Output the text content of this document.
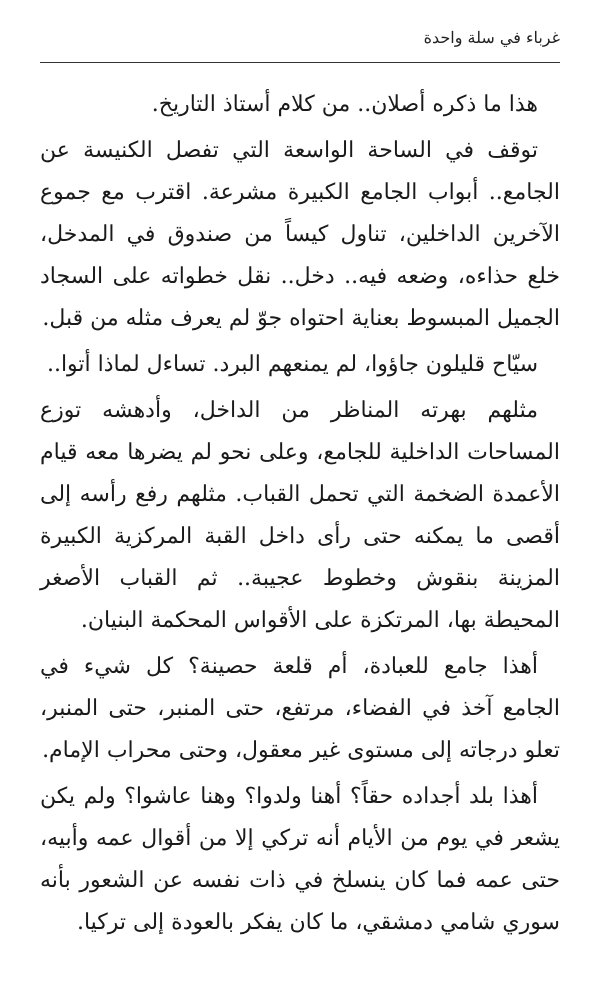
غرباء في سلة واحدة

هذا ما ذكره أصلان.. من كلام أستاذ التاريخ.

توقف في الساحة الواسعة التي تفصل الكنيسة عن الجامع.. أبواب الجامع الكبيرة مشرعة. اقترب مع جموع الآخرين الداخلين، تناول كيساً من صندوق في المدخل، خلع حذاءه، وضعه فيه.. دخل.. نقل خطواته على السجاد الجميل المبسوط بعناية احتواه جوّ لم يعرف مثله من قبل.

سيّاح قليلون جاؤوا، لم يمنعهم البرد. تساءل لماذا أتوا..

مثلهم بهرته المناظر من الداخل، وأدهشه توزع المساحات الداخلية للجامع، وعلى نحو لم يضرها معه قيام الأعمدة الضخمة التي تحمل القباب. مثلهم رفع رأسه إلى أقصى ما يمكنه حتى رأى داخل القبة المركزية الكبيرة المزينة بنقوش وخطوط عجيبة.. ثم القباب الأصغر المحيطة بها، المرتكزة على الأقواس المحكمة البنيان.

أهذا جامع للعبادة، أم قلعة حصينة؟ كل شيء في الجامع آخذ في الفضاء، مرتفع، حتى المنبر، حتى المنبر، تعلو درجاته إلى مستوى غير معقول، وحتى محراب الإمام.

أهذا بلد أجداده حقاً؟ أهنا ولدوا؟ وهنا عاشوا؟ ولم يكن يشعر في يوم من الأيام أنه تركي إلا من أقوال عمه وأبيه، حتى عمه فما كان ينسلخ في ذات نفسه عن الشعور بأنه سوري شامي دمشقي، ما كان يفكر بالعودة إلى تركيا.
